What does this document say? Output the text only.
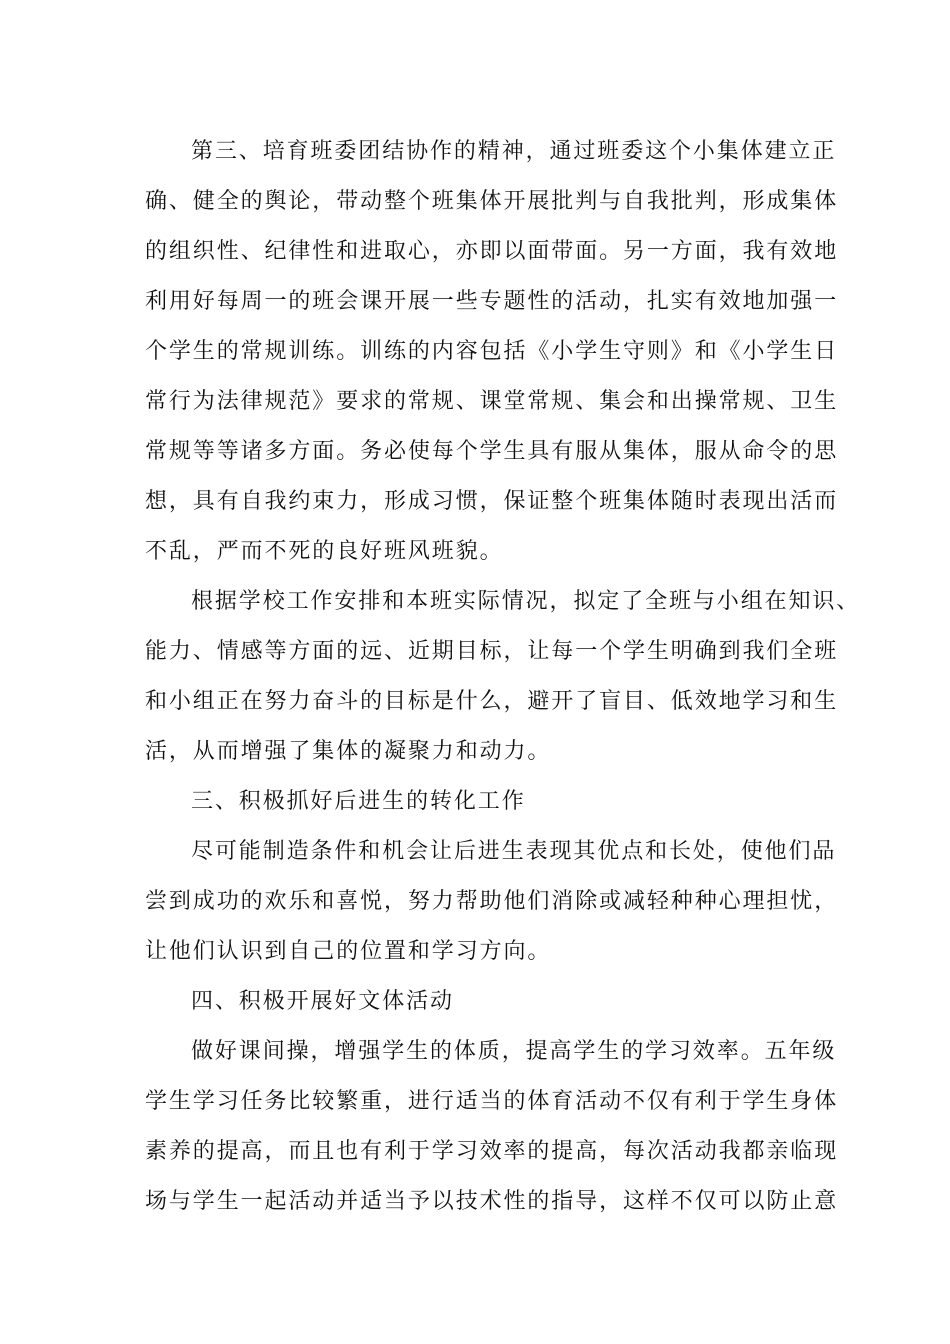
第三、培育班委团结协作的精神，通过班委这个小集体建立正
确、健全的舆论，带动整个班集体开展批判与自我批判，形成集体
的组织性、纪律性和进取心，亦即以面带面。另一方面，我有效地
利用好每周一的班会课开展一些专题性的活动，扎实有效地加强一
个学生的常规训练。训练的内容包括《小学生守则》和《小学生日
常行为法律规范》要求的常规、课堂常规、集会和出操常规、卫生
常规等等诸多方面。务必使每个学生具有服从集体，服从命令的思
想，具有自我约束力，形成习惯，保证整个班集体随时表现出活而
不乱，严而不死的良好班风班貌。
根据学校工作安排和本班实际情况，拟定了全班与小组在知识、
能力、情感等方面的远、近期目标，让每一个学生明确到我们全班
和小组正在努力奋斗的目标是什么，避开了盲目、低效地学习和生
活，从而增强了集体的凝聚力和动力。
三、积极抓好后进生的转化工作
尽可能制造条件和机会让后进生表现其优点和长处，使他们品
尝到成功的欢乐和喜悦，努力帮助他们消除或减轻种种心理担忧，
让他们认识到自己的位置和学习方向。
四、积极开展好文体活动
做好课间操，增强学生的体质，提高学生的学习效率。五年级
学生学习任务比较繁重，进行适当的体育活动不仅有利于学生身体
素养的提高，而且也有利于学习效率的提高，每次活动我都亲临现
场与学生一起活动并适当予以技术性的指导，这样不仅可以防止意
